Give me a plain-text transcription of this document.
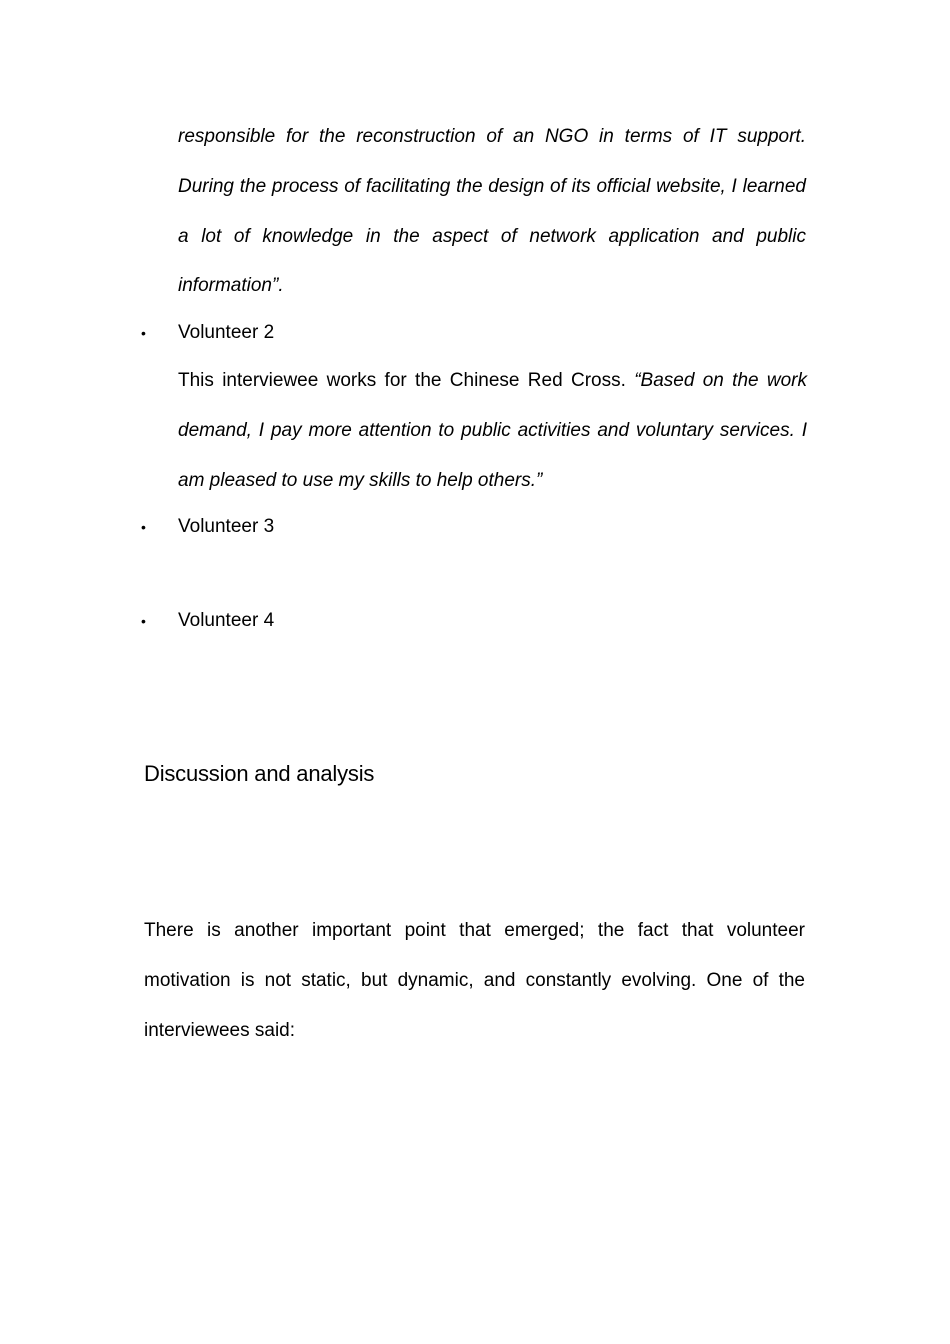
responsible for the reconstruction of an NGO in terms of IT support. During the process of facilitating the design of its official website, I learned a lot of knowledge in the aspect of network application and public information”.

• Volunteer 2

This interviewee works for the Chinese Red Cross. “Based on the work demand, I pay more attention to public activities and voluntary services. I am pleased to use my skills to help others.”

• Volunteer 3
• Volunteer 4
Discussion and analysis

There is another important point that emerged; the fact that volunteer motivation is not static, but dynamic, and constantly evolving. One of the interviewees said:
